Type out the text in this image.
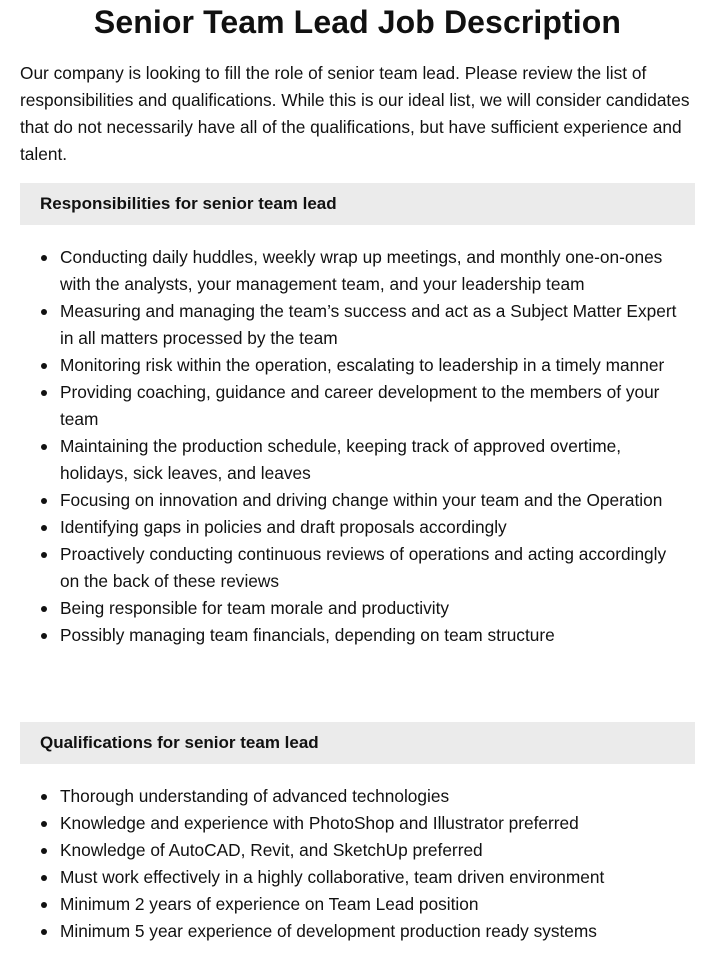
Senior Team Lead Job Description

Our company is looking to fill the role of senior team lead. Please review the list of responsibilities and qualifications. While this is our ideal list, we will consider candidates that do not necessarily have all of the qualifications, but have sufficient experience and talent.

Responsibilities for senior team lead
Conducting daily huddles, weekly wrap up meetings, and monthly one-on-ones with the analysts, your management team, and your leadership team
Measuring and managing the team’s success and act as a Subject Matter Expert in all matters processed by the team
Monitoring risk within the operation, escalating to leadership in a timely manner
Providing coaching, guidance and career development to the members of your team
Maintaining the production schedule, keeping track of approved overtime, holidays, sick leaves, and leaves
Focusing on innovation and driving change within your team and the Operation
Identifying gaps in policies and draft proposals accordingly
Proactively conducting continuous reviews of operations and acting accordingly on the back of these reviews
Being responsible for team morale and productivity
Possibly managing team financials, depending on team structure
Qualifications for senior team lead
Thorough understanding of advanced technologies
Knowledge and experience with PhotoShop and Illustrator preferred
Knowledge of AutoCAD, Revit, and SketchUp preferred
Must work effectively in a highly collaborative, team driven environment
Minimum 2 years of experience on Team Lead position
Minimum 5 year experience of development production ready systems
